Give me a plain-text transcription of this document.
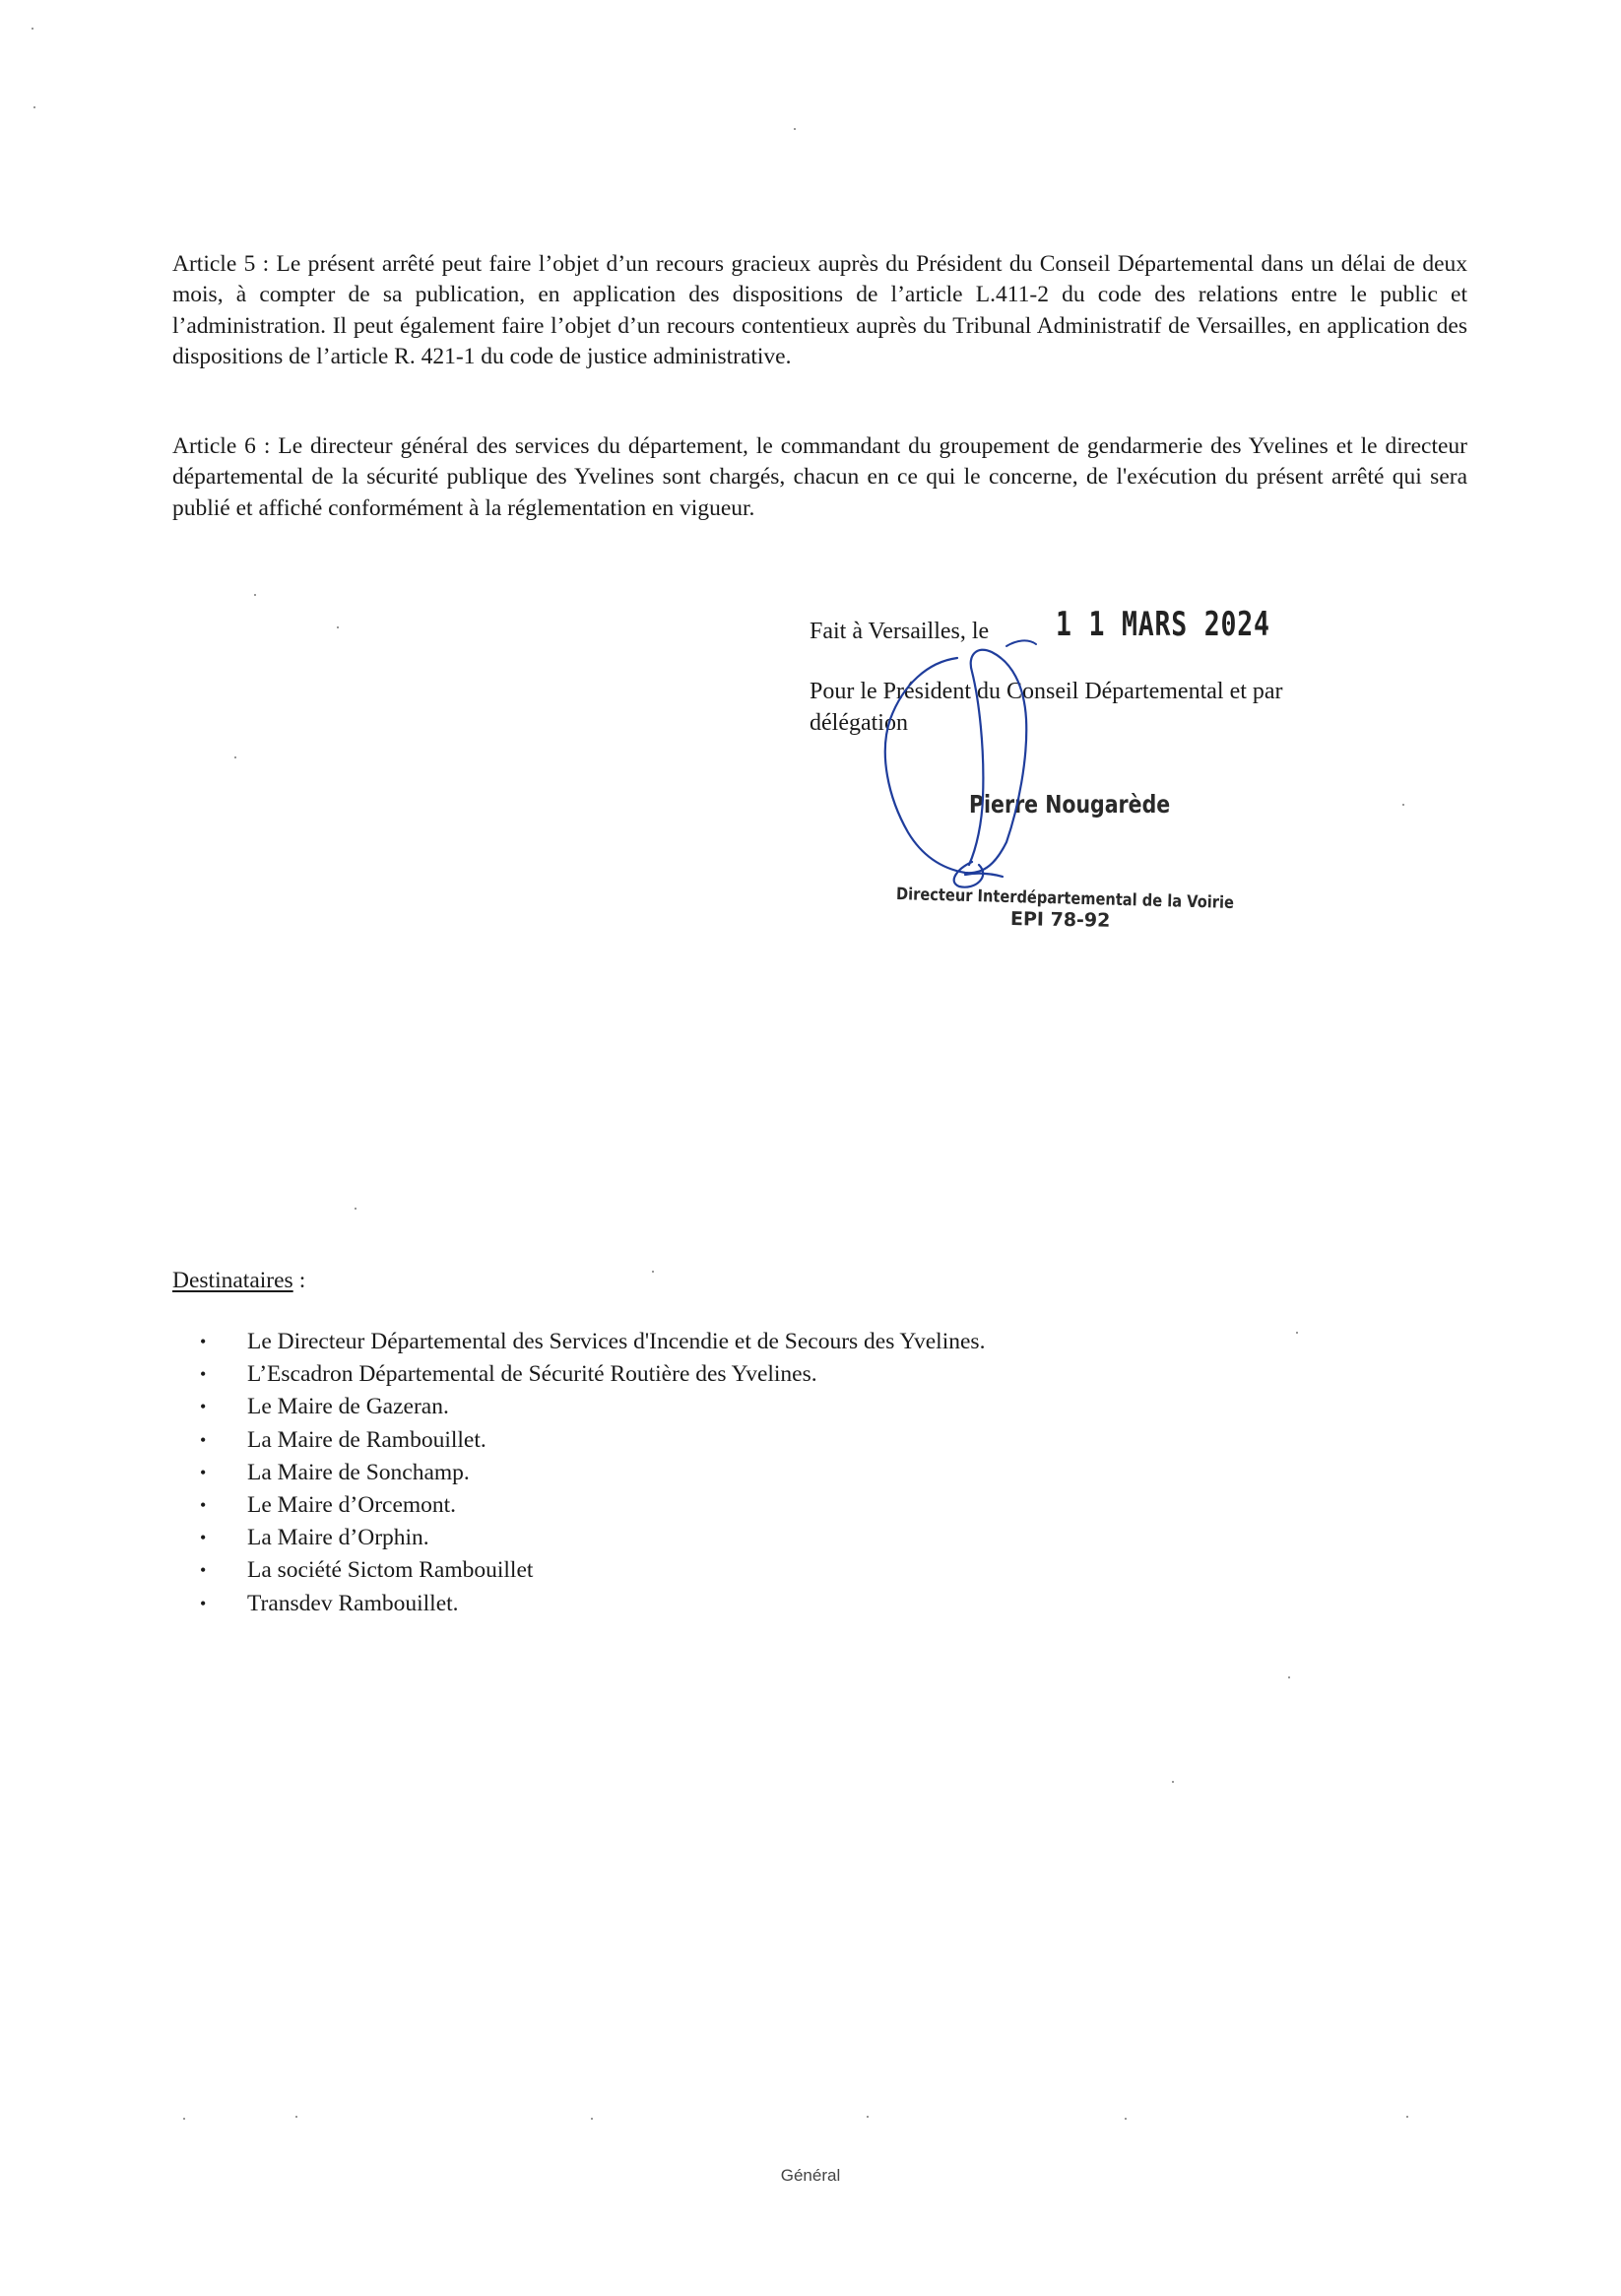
Article 5 : Le présent arrêté peut faire l’objet d’un recours gracieux auprès du Président du Conseil Départemental dans un délai de deux mois, à compter de sa publication, en application des dispositions de l’article L.411-2 du code des relations entre le public et l’administration. Il peut également faire l’objet d’un recours contentieux auprès du Tribunal Administratif de Versailles, en application des dispositions de l’article R. 421-1 du code de justice administrative.

Article 6 : Le directeur général des services du département, le commandant du groupement de gendarmerie des Yvelines et le directeur départemental de la sécurité publique des Yvelines sont chargés, chacun en ce qui le concerne, de l'exécution du présent arrêté qui sera publié et affiché conformément à la réglementation en vigueur.

Fait à Versailles, le 1 1 MARS 2024
Pour le Président du Conseil Départemental et par délégation
Pierre Nougarède
Directeur Interdépartemental de la Voirie
EPI 78-92
Destinataires :
• Le Directeur Départemental des Services d'Incendie et de Secours des Yvelines.
• L’Escadron Départemental de Sécurité Routière des Yvelines.
• Le Maire de Gazeran.
• La Maire de Rambouillet.
• La Maire de Sonchamp.
• Le Maire d’Orcemont.
• La Maire d’Orphin.
• La société Sictom Rambouillet
• Transdev Rambouillet.
Général
